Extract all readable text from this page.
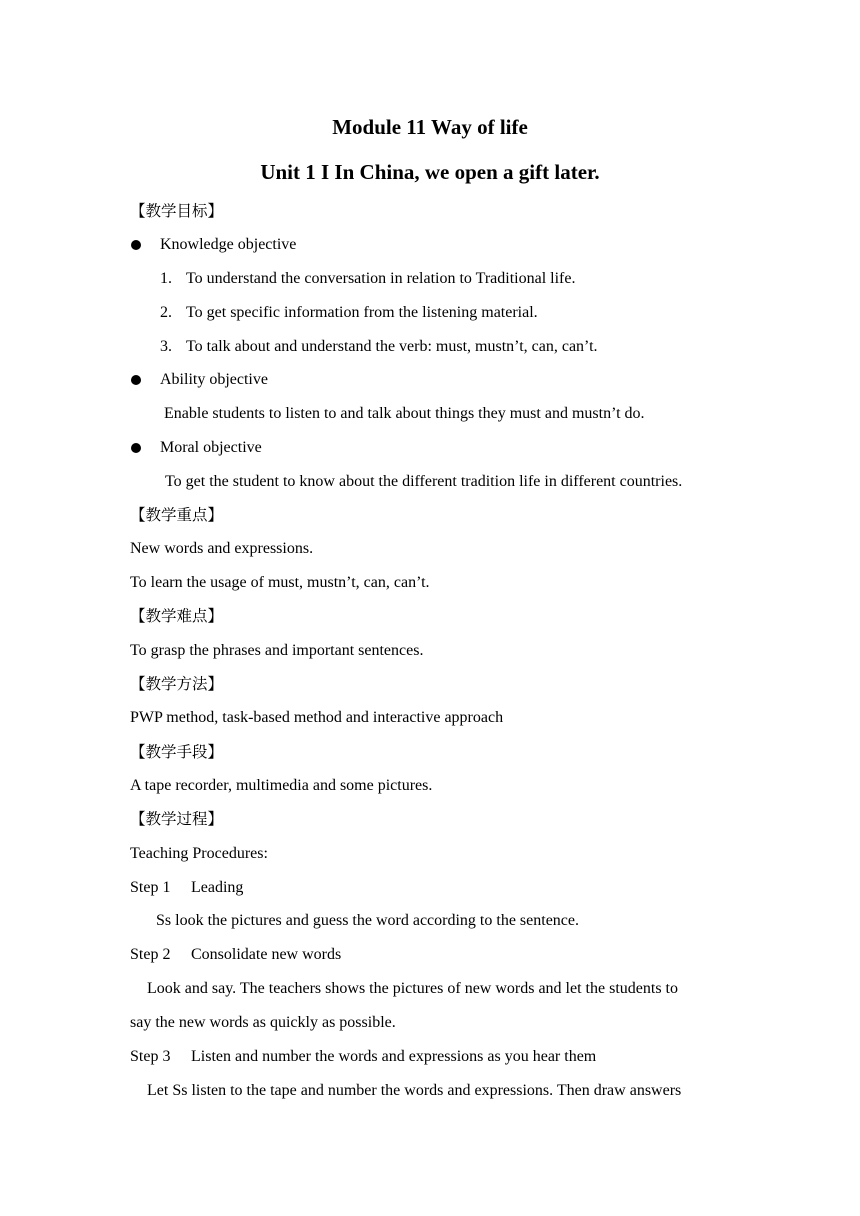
Module 11 Way of life
Unit 1 I In China, we open a gift later.
【教学目标】
Knowledge objective
1. To understand the conversation in relation to Traditional life.
2. To get specific information from the listening material.
3. To talk about and understand the verb: must, mustn’t, can, can’t.
Ability objective
Enable students to listen to and talk about things they must and mustn’t do.
Moral objective
To get the student to know about the different tradition life in different countries.
【教学重点】
New words and expressions.
To learn the usage of must, mustn’t, can, can’t.
【教学难点】
To grasp the phrases and important sentences.
【教学方法】
PWP method, task-based method and interactive approach
【教学手段】
A tape recorder, multimedia and some pictures.
【教学过程】
Teaching Procedures:
Step 1 Leading
Ss look the pictures and guess the word according to the sentence.
Step 2 Consolidate new words
Look and say. The teachers shows the pictures of new words and let the students to
say the new words as quickly as possible.
Step 3 Listen and number the words and expressions as you hear them
Let Ss listen to the tape and number the words and expressions. Then draw answers
